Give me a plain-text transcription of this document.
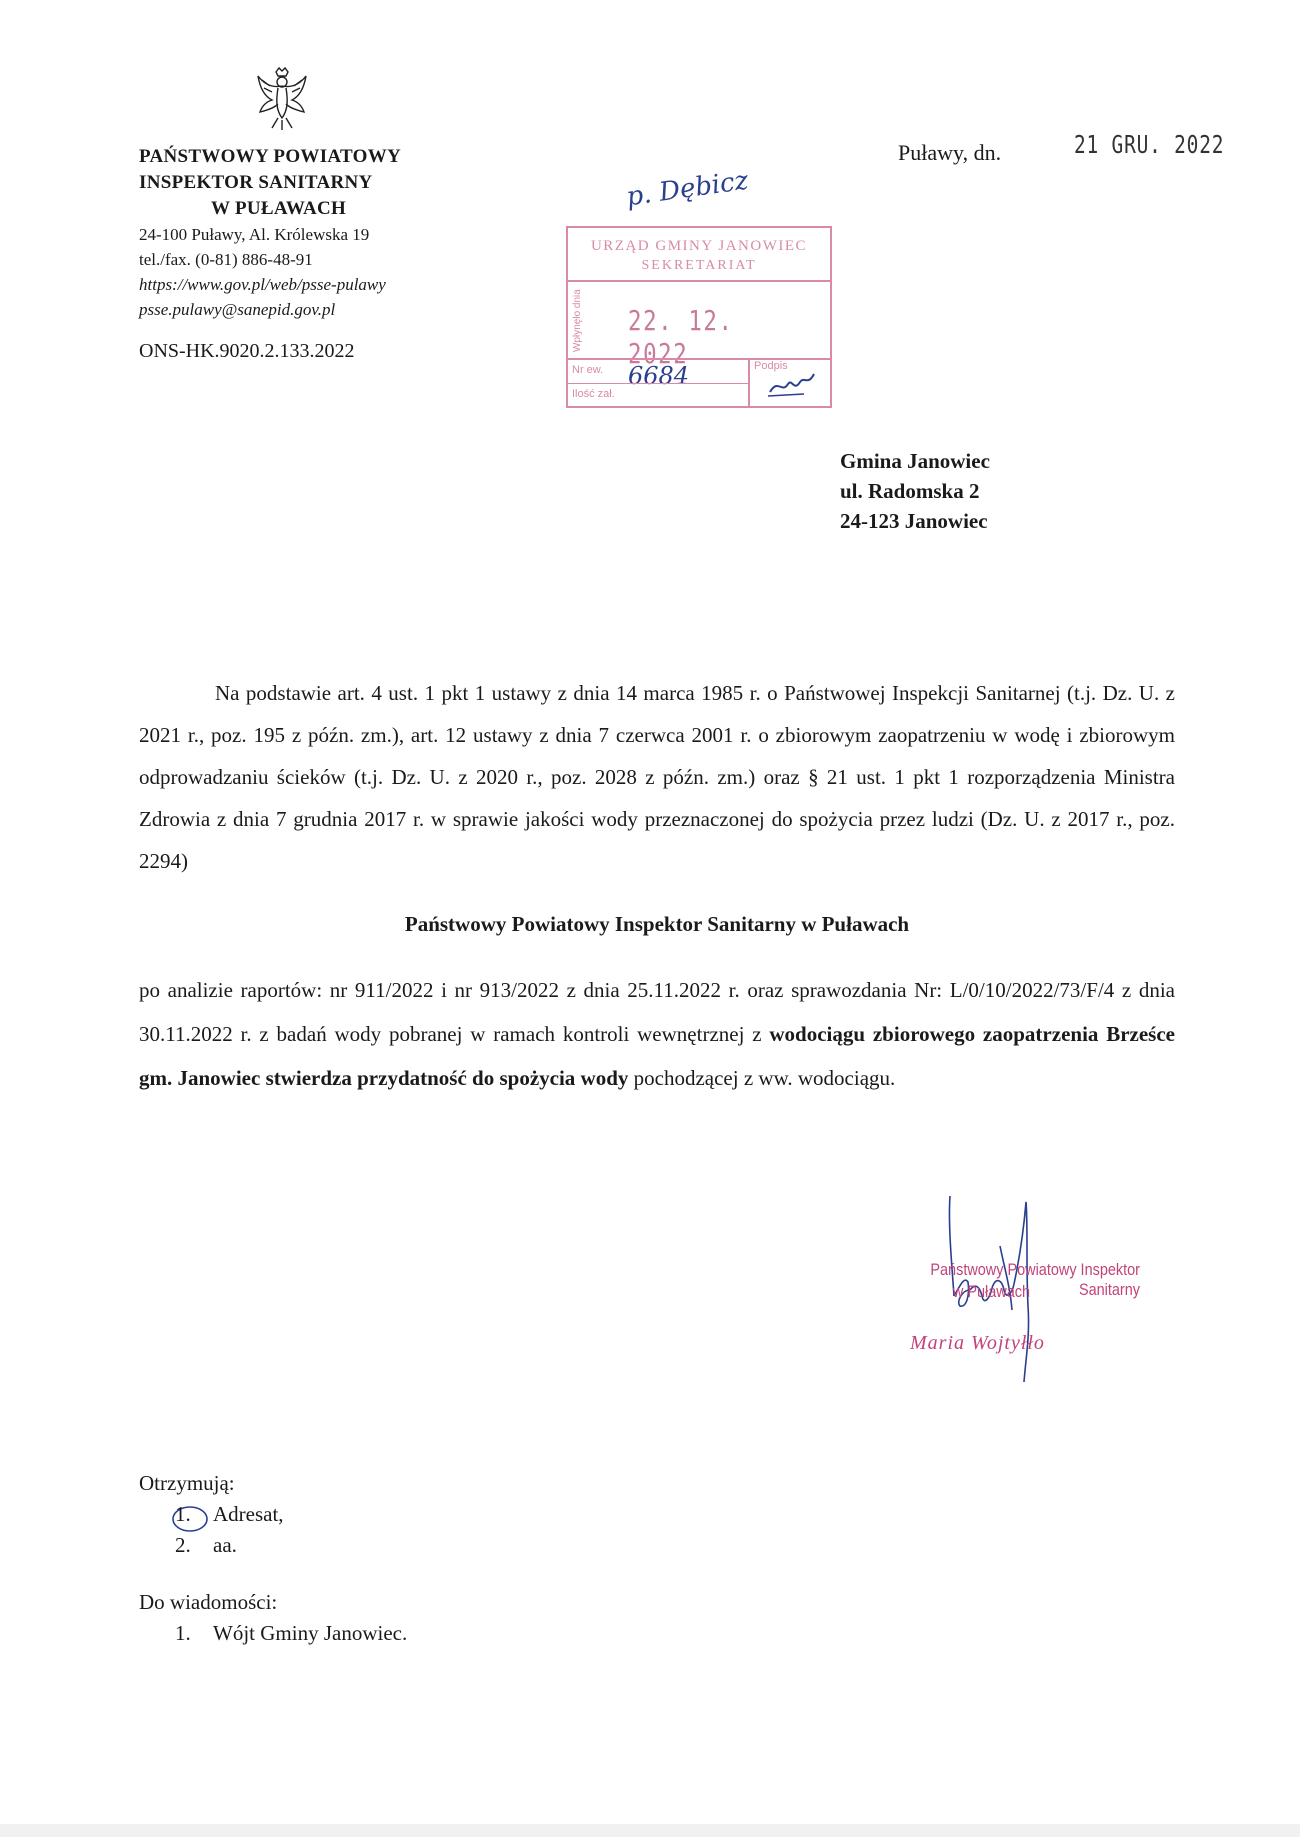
PAŃSTWOWY POWIATOWY
INSPEKTOR SANITARNY
W PUŁAWACH
24-100 Puławy, Al. Królewska 19
tel./fax. (0-81) 886-48-91
https://www.gov.pl/web/psse-pulawy
psse.pulawy@sanepid.gov.pl
ONS-HK.9020.2.133.2022
Puławy, dn.	21 GRU. 2022
p. Dębicz
URZĄD GMINY JANOWIEC
SEKRETARIAT
Wpłynęło dnia 22. 12. 2022
Nr ew. 6684
Ilość zał.
Podpis
Gmina Janowiec
ul. Radomska 2
24-123 Janowiec
Na podstawie art. 4 ust. 1 pkt 1 ustawy z dnia 14 marca 1985 r. o Państwowej Inspekcji Sanitarnej (t.j. Dz. U. z 2021 r., poz. 195 z późn. zm.), art. 12 ustawy z dnia 7 czerwca 2001 r. o zbiorowym zaopatrzeniu w wodę i zbiorowym odprowadzaniu ścieków (t.j. Dz. U. z 2020 r., poz. 2028 z późn. zm.) oraz § 21 ust. 1 pkt 1 rozporządzenia Ministra Zdrowia z dnia 7 grudnia 2017 r. w sprawie jakości wody przeznaczonej do spożycia przez ludzi (Dz. U. z 2017 r., poz. 2294)
Państwowy Powiatowy Inspektor Sanitarny w Puławach
po analizie raportów: nr 911/2022 i nr 913/2022 z dnia 25.11.2022 r. oraz sprawozdania Nr: L/0/10/2022/73/F/4 z dnia 30.11.2022 r. z badań wody pobranej w ramach kontroli wewnętrznej z wodociągu zbiorowego zaopatrzenia Brześce gm. Janowiec stwierdza przydatność do spożycia wody pochodzącej z ww. wodociągu.
Państwowy Powiatowy Inspektor Sanitarny
w Puławach
Maria Wojtyłło
Otrzymują:
1. Adresat,
2. aa.
Do wiadomości:
1. Wójt Gminy Janowiec.
